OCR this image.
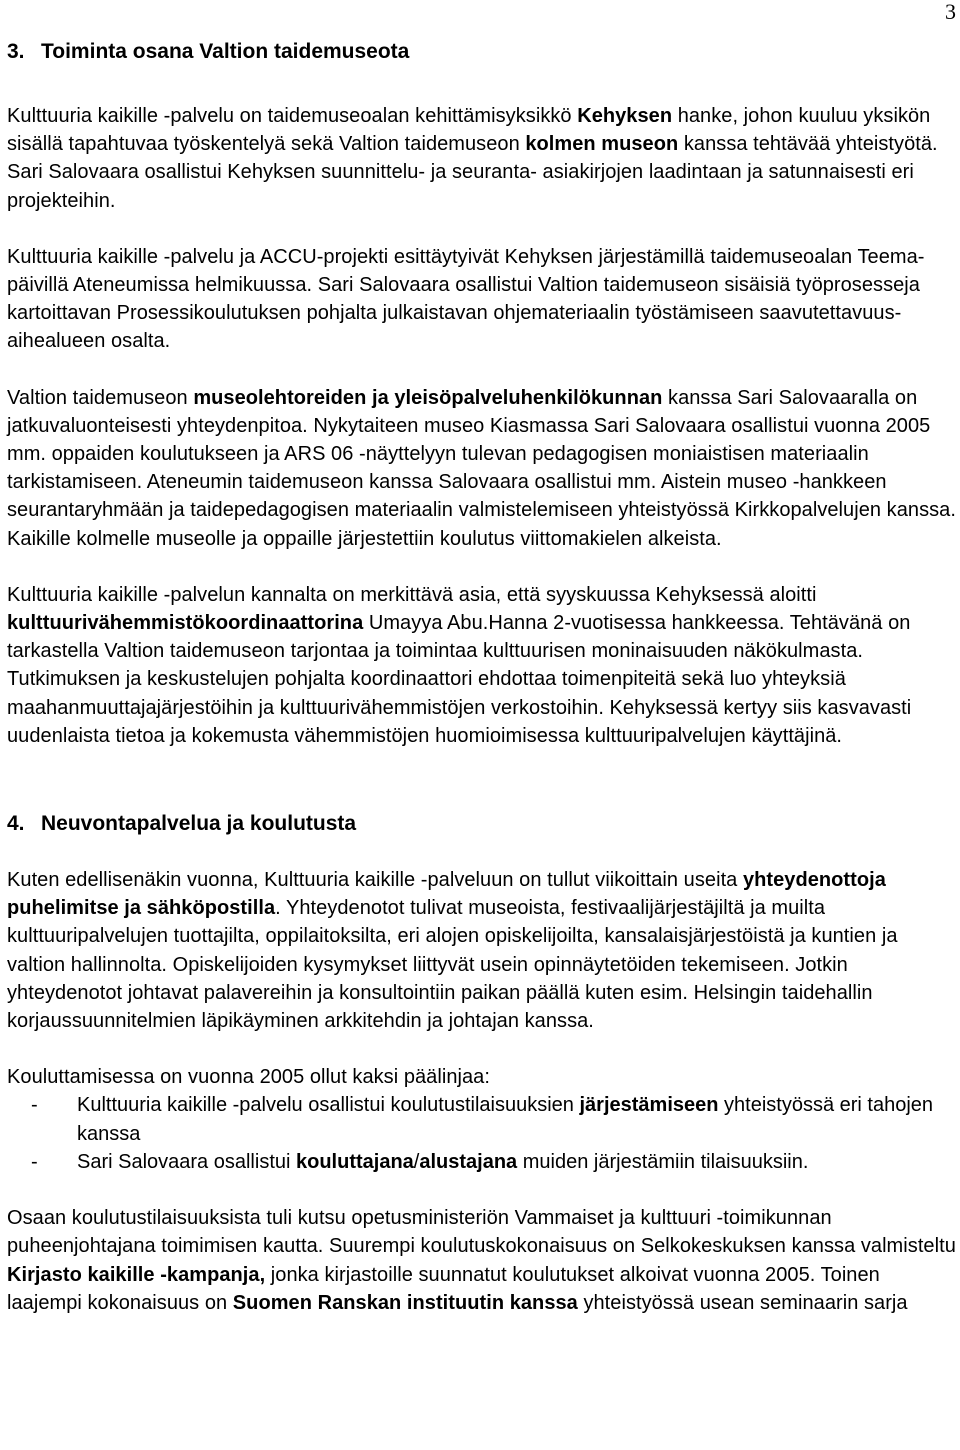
3
3. Toiminta osana Valtion taidemuseota

Kulttuuria kaikille -palvelu on taidemuseoalan kehittämisyksikkö Kehyksen hanke, johon kuuluu yksikön sisällä tapahtuvaa työskentelyä sekä Valtion taidemuseon kolmen museon kanssa tehtävää yhteistyötä. Sari Salovaara osallistui Kehyksen suunnittelu- ja seuranta- asiakirjojen laadintaan ja satunnaisesti eri projekteihin.

Kulttuuria kaikille -palvelu ja ACCU-projekti esittäytyivät Kehyksen järjestämillä taidemuseoalan Teema-päivillä Ateneumissa helmikuussa. Sari Salovaara osallistui Valtion taidemuseon sisäisiä työprosesseja kartoittavan Prosessikoulutuksen pohjalta julkaistavan ohjemateriaalin työstämiseen saavutettavuus-aihealueen osalta.

Valtion taidemuseon museolehtoreiden ja yleisöpalveluhenkilökunnan kanssa Sari Salovaaralla on jatkuvaluonteisesti yhteydenpitoa. Nykytaiteen museo Kiasmassa Sari Salovaara osallistui vuonna 2005 mm. oppaiden koulutukseen ja ARS 06 -näyttelyyn tulevan pedagogisen moniaistisen materiaalin tarkistamiseen. Ateneumin taidemuseon kanssa Salovaara osallistui mm. Aistein museo -hankkeen seurantaryhmään ja taidepedagogisen materiaalin valmistelemiseen yhteistyössä Kirkkopalvelujen kanssa. Kaikille kolmelle museolle ja oppaille järjestettiin koulutus viittomakielen alkeista.

Kulttuuria kaikille -palvelun kannalta on merkittävä asia, että syyskuussa Kehyksessä aloitti kulttuurivähemmistökoordinaattorina Umayya Abu.Hanna 2-vuotisessa hankkeessa. Tehtävänä on tarkastella Valtion taidemuseon tarjontaa ja toimintaa kulttuurisen moninaisuuden näkökulmasta. Tutkimuksen ja keskustelujen pohjalta koordinaattori ehdottaa toimenpiteitä sekä luo yhteyksiä maahanmuuttajajärjestöihin ja kulttuurivähemmistöjen verkostoihin. Kehyksessä kertyy siis kasvavasti uudenlaista tietoa ja kokemusta vähemmistöjen huomioimisessa kulttuuripalvelujen käyttäjinä.

4. Neuvontapalvelua ja koulutusta

Kuten edellisenäkin vuonna, Kulttuuria kaikille -palveluun on tullut viikoittain useita yhteydenottoja puhelimitse ja sähköpostilla. Yhteydenotot tulivat museoista, festivaalijärjestäjiltä ja muilta kulttuuripalvelujen tuottajilta, oppilaitoksilta, eri alojen opiskelijoilta, kansalaisjärjestöistä ja kuntien ja valtion hallinnolta. Opiskelijoiden kysymykset liittyvät usein opinnäytetöiden tekemiseen. Jotkin yhteydenotot johtavat palavereihin ja konsultointiin paikan päällä kuten esim. Helsingin taidehallin korjaussuunnitelmien läpikäyminen arkkitehdin ja johtajan kanssa.

Kouluttamisessa on vuonna 2005 ollut kaksi päälinjaa:

-	Kulttuuria kaikille -palvelu osallistui koulutustilaisuuksien järjestämiseen yhteistyössä eri tahojen kanssa
-	Sari Salovaara osallistui kouluttajana/alustajana muiden järjestämiin tilaisuuksiin.

Osaan koulutustilaisuuksista tuli kutsu opetusministeriön Vammaiset ja kulttuuri -toimikunnan puheenjohtajana toimimisen kautta. Suurempi koulutuskokonaisuus on Selkokeskuksen kanssa valmisteltu Kirjasto kaikille -kampanja, jonka kirjastoille suunnatut koulutukset alkoivat vuonna 2005. Toinen laajempi kokonaisuus on Suomen Ranskan instituutin kanssa yhteistyössä usean seminaarin sarja
